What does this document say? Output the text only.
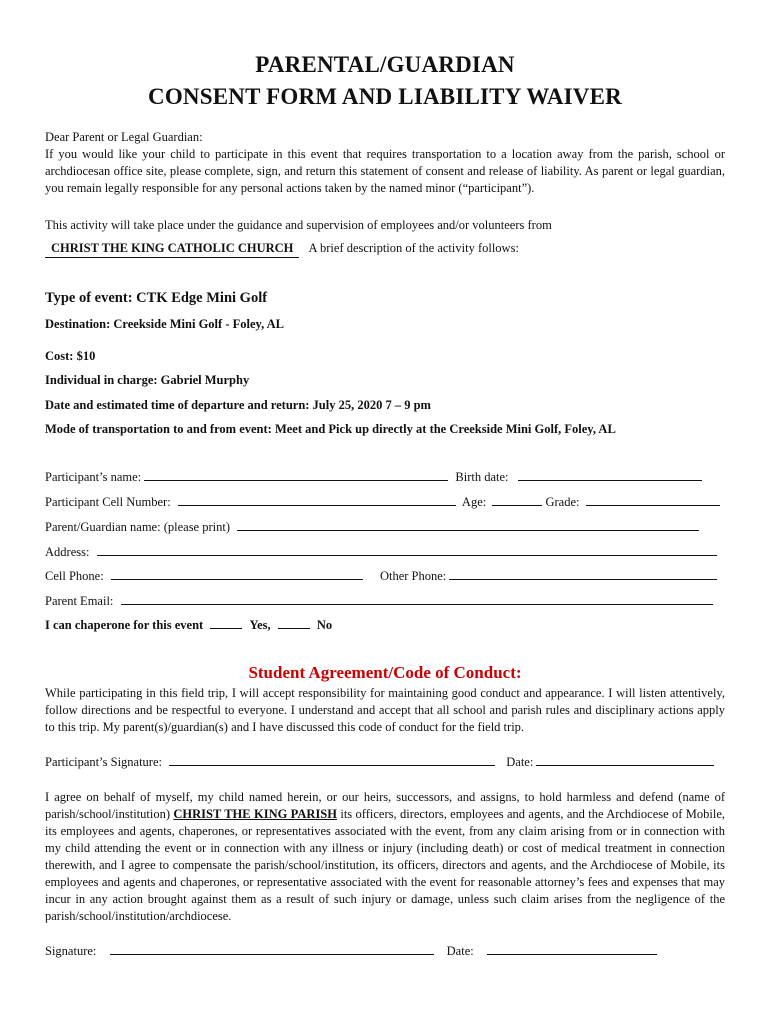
PARENTAL/GUARDIAN
CONSENT FORM AND LIABILITY WAIVER
Dear Parent or Legal Guardian:
If you would like your child to participate in this event that requires transportation to a location away from the parish, school or archdiocesan office site, please complete, sign, and return this statement of consent and release of liability. As parent or legal guardian, you remain legally responsible for any personal actions taken by the named minor (“participant”).
This activity will take place under the guidance and supervision of employees and/or volunteers from
CHRIST THE KING CATHOLIC CHURCH A brief description of the activity follows:
Type of event: CTK Edge Mini Golf
Destination: Creekside Mini Golf - Foley, AL
Cost: $10
Individual in charge: Gabriel Murphy
Date and estimated time of departure and return: July 25, 2020 7 – 9 pm
Mode of transportation to and from event: Meet and Pick up directly at the Creekside Mini Golf, Foley, AL
Participant’s name:	Birth date:
Participant Cell Number:	Age:	Grade:
Parent/Guardian name: (please print)
Address:
Cell Phone:	Other Phone:
Parent Email:
I can chaperone for this event	Yes,	No
Student Agreement/Code of Conduct:
While participating in this field trip, I will accept responsibility for maintaining good conduct and appearance. I will listen attentively, follow directions and be respectful to everyone. I understand and accept that all school and parish rules and disciplinary actions apply to this trip. My parent(s)/guardian(s) and I have discussed this code of conduct for the field trip.
Participant’s Signature:	Date:
I agree on behalf of myself, my child named herein, or our heirs, successors, and assigns, to hold harmless and defend (name of parish/school/institution) CHRIST THE KING PARISH its officers, directors, employees and agents, and the Archdiocese of Mobile, its employees and agents, chaperones, or representatives associated with the event, from any claim arising from or in connection with my child attending the event or in connection with any illness or injury (including death) or cost of medical treatment in connection therewith, and I agree to compensate the parish/school/institution, its officers, directors and agents, and the Archdiocese of Mobile, its employees and agents and chaperones, or representative associated with the event for reasonable attorney’s fees and expenses that may incur in any action brought against them as a result of such injury or damage, unless such claim arises from the negligence of the parish/school/institution/archdiocese.
Signature:	Date:
